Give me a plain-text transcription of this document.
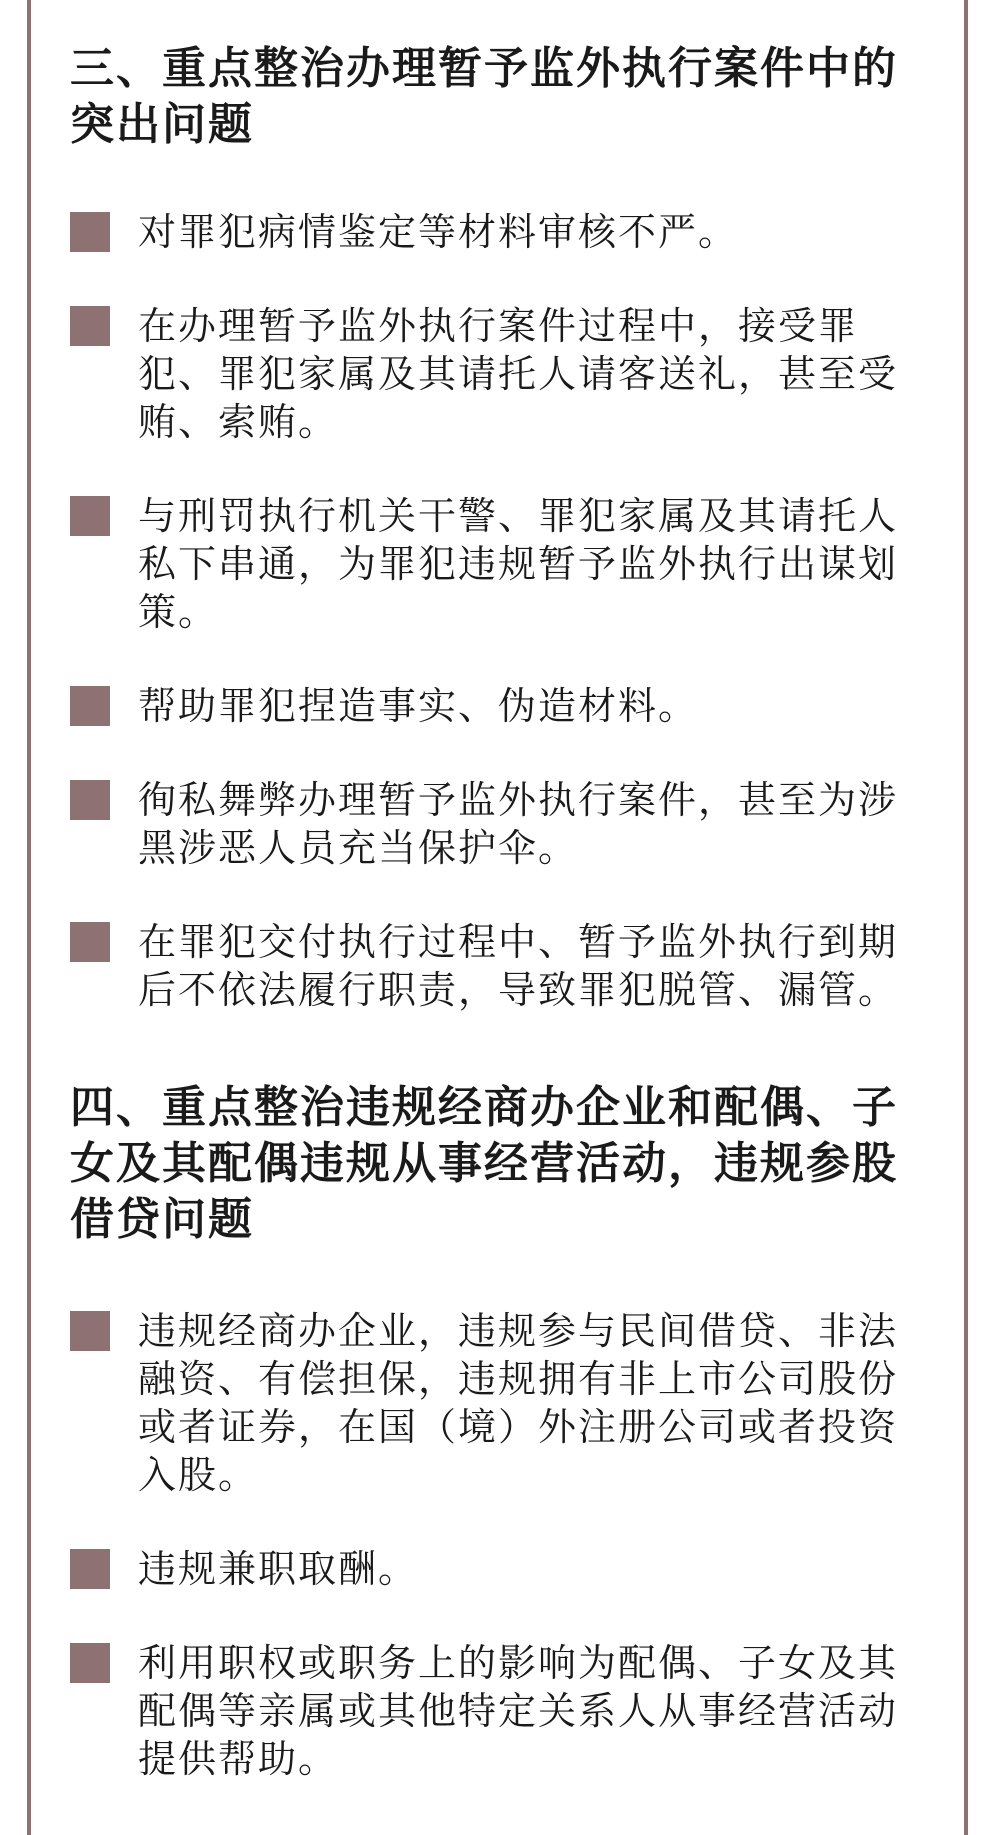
三、重点整治办理暂予监外执行案件中的突出问题
对罪犯病情鉴定等材料审核不严。
在办理暂予监外执行案件过程中，接受罪犯、罪犯家属及其请托人请客送礼，甚至受贿、索贿。
与刑罚执行机关干警、罪犯家属及其请托人私下串通，为罪犯违规暂予监外执行出谋划策。
帮助罪犯捏造事实、伪造材料。
徇私舞弊办理暂予监外执行案件，甚至为涉黑涉恶人员充当保护伞。
在罪犯交付执行过程中、暂予监外执行到期后不依法履行职责，导致罪犯脱管、漏管。
四、重点整治违规经商办企业和配偶、子女及其配偶违规从事经营活动，违规参股借贷问题
违规经商办企业，违规参与民间借贷、非法融资、有偿担保，违规拥有非上市公司股份或者证券，在国（境）外注册公司或者投资入股。
违规兼职取酬。
利用职权或职务上的影响为配偶、子女及其配偶等亲属或其他特定关系人从事经营活动提供帮助。
